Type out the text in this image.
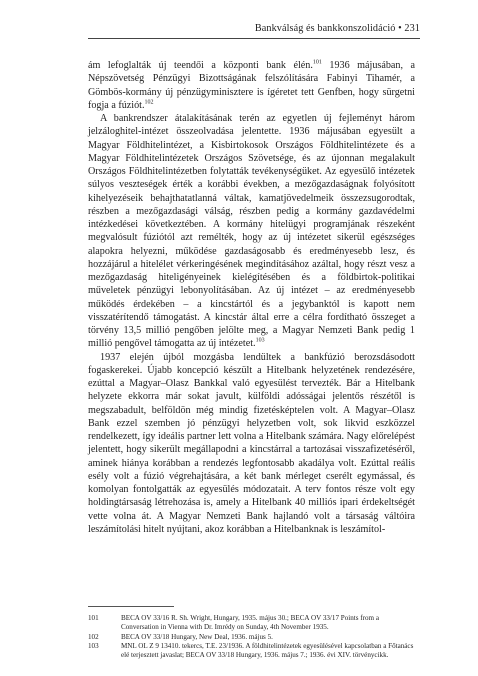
Bankválság és bankkonszolidáció • 231

ám lefoglalták új teendői a központi bank élén.$^{101}$ 1936 májusában, a Népszövetség Pénzügyi Bizottságának felszólítására Fabinyi Tihamér, a Gömbös-kormány új pénzügyminisztere is ígéretet tett Genfben, hogy sürgetni fogja a fúziót.$^{102}$

A bankrendszer átalakításának terén az egyetlen új fejleményt három jelzáloghitel-intézet összeolvadása jelentette. 1936 májusában egyesült a Magyar Földhitelintézet, a Kisbirtokosok Országos Földhitelintézete és a Magyar Földhitelintézetek Országos Szövetsége, és az újonnan megalakult Országos Földhitelintézetben folytatták tevékenységüket. Az egyesülő intézetek súlyos veszteségek érték a korábbi években, a mezőgazdaságnak folyósított kihelyezéseik behajthatatlanná váltak, kamatjövedelmeik összezsugorodtak, részben a mezőgazdasági válság, részben pedig a kormány gazdavédelmi intézkedései következtében. A kormány hitelügyi programjának részeként megvalósult fúziótól azt remélték, hogy az új intézetet sikerül egészséges alapokra helyezni, működése gazdaságosabb és eredményesebb lesz, és hozzájárul a hitelélet vérkeringésének megindításához azáltal, hogy részt vesz a mezőgazdaság hiteligényeinek kielégítésében és a földbirtok-politikai műveletek pénzügyi lebonyolításában. Az új intézet – az eredményesebb működés érdekében – a kincstártól és a jegybanktól is kapott nem visszatérítendő támogatást. A kincstár által erre a célra fordítható összeget a törvény 13,5 millió pengőben jelölte meg, a Magyar Nemzeti Bank pedig 1 millió pengővel támogatta az új intézetet.$^{103}$

1937 elején újból mozgásba lendültek a bankfúzió berozsdásodott fogaskerekei. Újabb koncepció készült a Hitelbank helyzetének rendezésére, ezúttal a Magyar–Olasz Bankkal való egyesülést tervezték. Bár a Hitelbank helyzete ekkorra már sokat javult, külföldi adósságai jelentős részétől is megszabadult, belföldön még mindig fizetésképtelen volt. A Magyar–Olasz Bank ezzel szemben jó pénzügyi helyzetben volt, sok likvid eszközzel rendelkezett, így ideális partner lett volna a Hitelbank számára. Nagy előrelépést jelentett, hogy sikerült megállapodni a kincstárral a tartozásai visszafizetéséről, aminek hiánya korábban a rendezés legfontosabb akadálya volt. Ezúttal reális esély volt a fúzió végrehajtására, a két bank mérleget cserélt egymással, és komolyan fontolgatták az egyesülés módozatait. A terv fontos része volt egy holdingtársaság létrehozása is, amely a Hitelbank 40 milliós ipari érdekeltségét vette volna át. A Magyar Nemzeti Bank hajlandó volt a társaság váltóira leszámítolási hitelt nyújtani, akoz korábban a Hitelbanknak is leszámítol-

101	BECA OV 33/16 R. Sh. Wright, Hungary, 1935. május 30.; BECA OV 33/17 Points from a Conversation in Vienna with Dr. Imrédy on Sunday, 4th November 1935.
102	BECA OV 33/18 Hungary, New Deal, 1936. május 5.
103	MNL OL Z 9 13410. tekercs, T.E. 23/1936. A földhitelintézetek egyesülésével kapcsolatban a Főtanács elé terjesztett javaslat; BECA OV 33/18 Hungary, 1936. május 7.; 1936. évi XIV. törvénycikk.
